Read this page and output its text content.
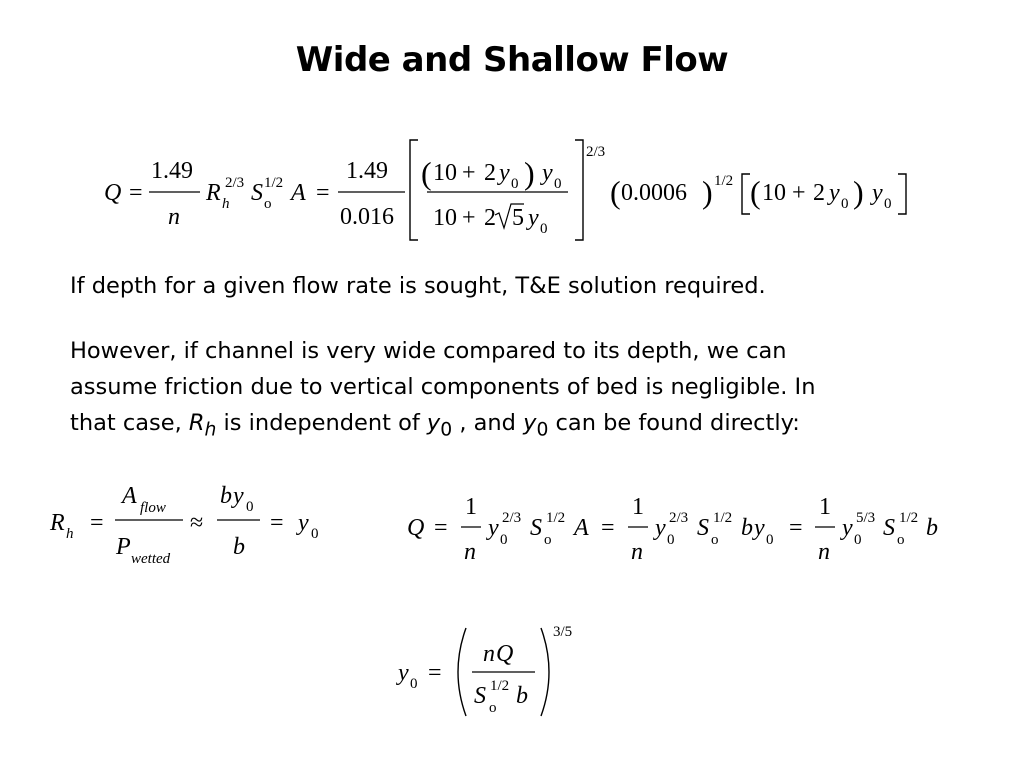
Wide and Shallow Flow
If depth for a given flow rate is sought, T&E solution required.
However, if channel is very wide compared to its depth, we can
assume friction due to vertical components of bed is negligible. In
that case, $R_h$ is independent of $y_0$ , and $y_0$ can be found directly:
Q =
1.49
n
R h
2/3 S o
1/2 A =
1.49
0.016
( 10 + 2 y 0 ) y 0
10 + 2 5 y 0
2/3
( 0.0006 ) 1/2 ( 10 + 2 y 0 ) y 0
R h =
A flow
P wetted
≈
b y 0
b
= y 0	Q =
1
n
y 0
2/3 S o
1/2 A =
1
n
y 0
2/3 S o
1/2 b y 0 =
1
n
y 0
5/3 S o
1/2 b
y 0 =
n Q
S o
1/2 b
3/5
